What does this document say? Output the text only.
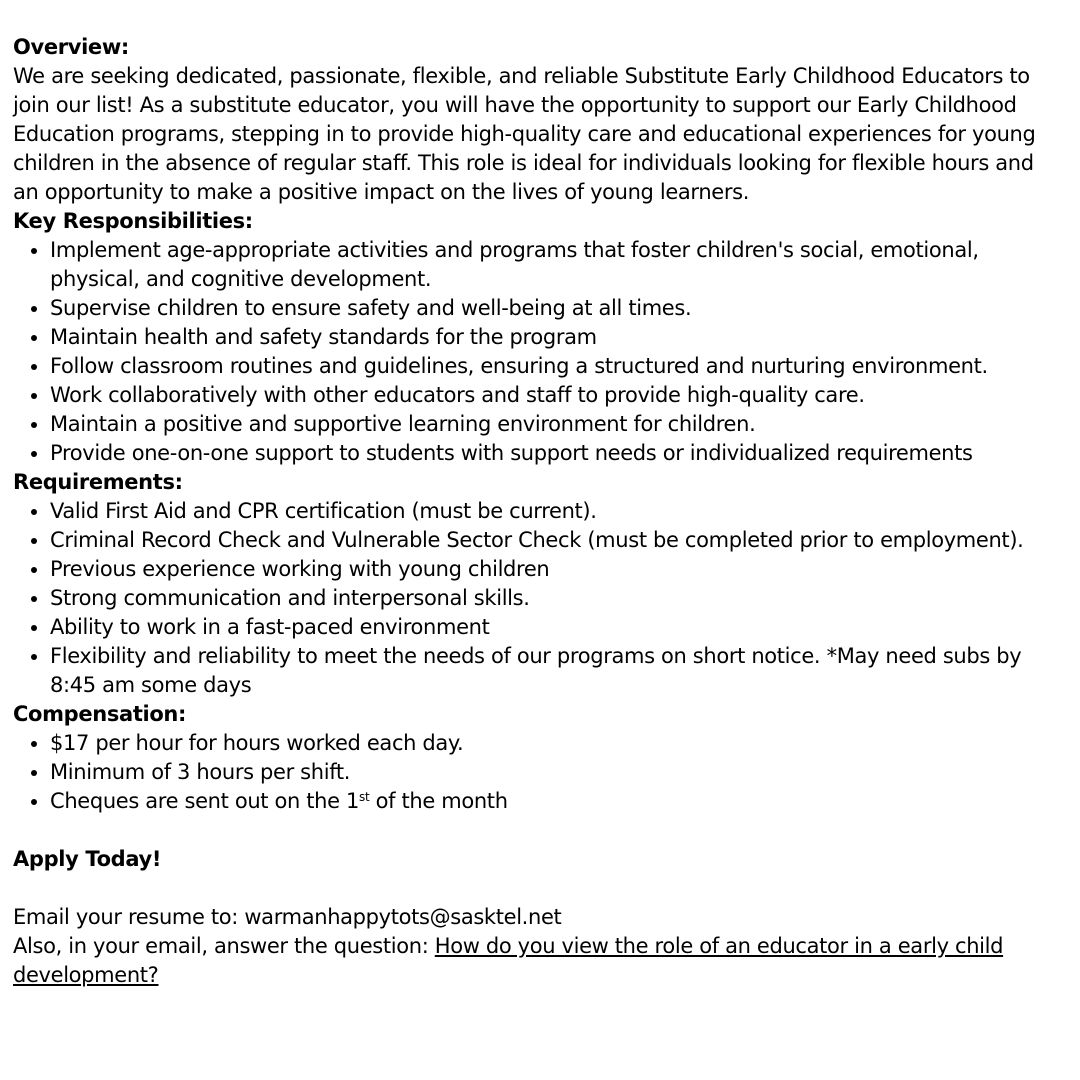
Overview:

We are seeking dedicated, passionate, flexible, and reliable Substitute Early Childhood Educators to join our list! As a substitute educator, you will have the opportunity to support our Early Childhood Education programs, stepping in to provide high-quality care and educational experiences for young children in the absence of regular staff. This role is ideal for individuals looking for flexible hours and an opportunity to make a positive impact on the lives of young learners.

Key Responsibilities:

• Implement age-appropriate activities and programs that foster children's social, emotional, physical, and cognitive development.
• Supervise children to ensure safety and well-being at all times.
• Maintain health and safety standards for the program
• Follow classroom routines and guidelines, ensuring a structured and nurturing environment.
• Work collaboratively with other educators and staff to provide high-quality care.
• Maintain a positive and supportive learning environment for children.
• Provide one-on-one support to students with support needs or individualized requirements

Requirements:

• Valid First Aid and CPR certification (must be current).
• Criminal Record Check and Vulnerable Sector Check (must be completed prior to employment).
• Previous experience working with young children
• Strong communication and interpersonal skills.
• Ability to work in a fast-paced environment
• Flexibility and reliability to meet the needs of our programs on short notice. *May need subs by 8:45 am some days

Compensation:

• $17 per hour for hours worked each day.
• Minimum of 3 hours per shift.
• Cheques are sent out on the 1st of the month

Apply Today!

Email your resume to: warmanhappytots@sasktel.net

Also, in your email, answer the question: How do you view the role of an educator in a early child development?
